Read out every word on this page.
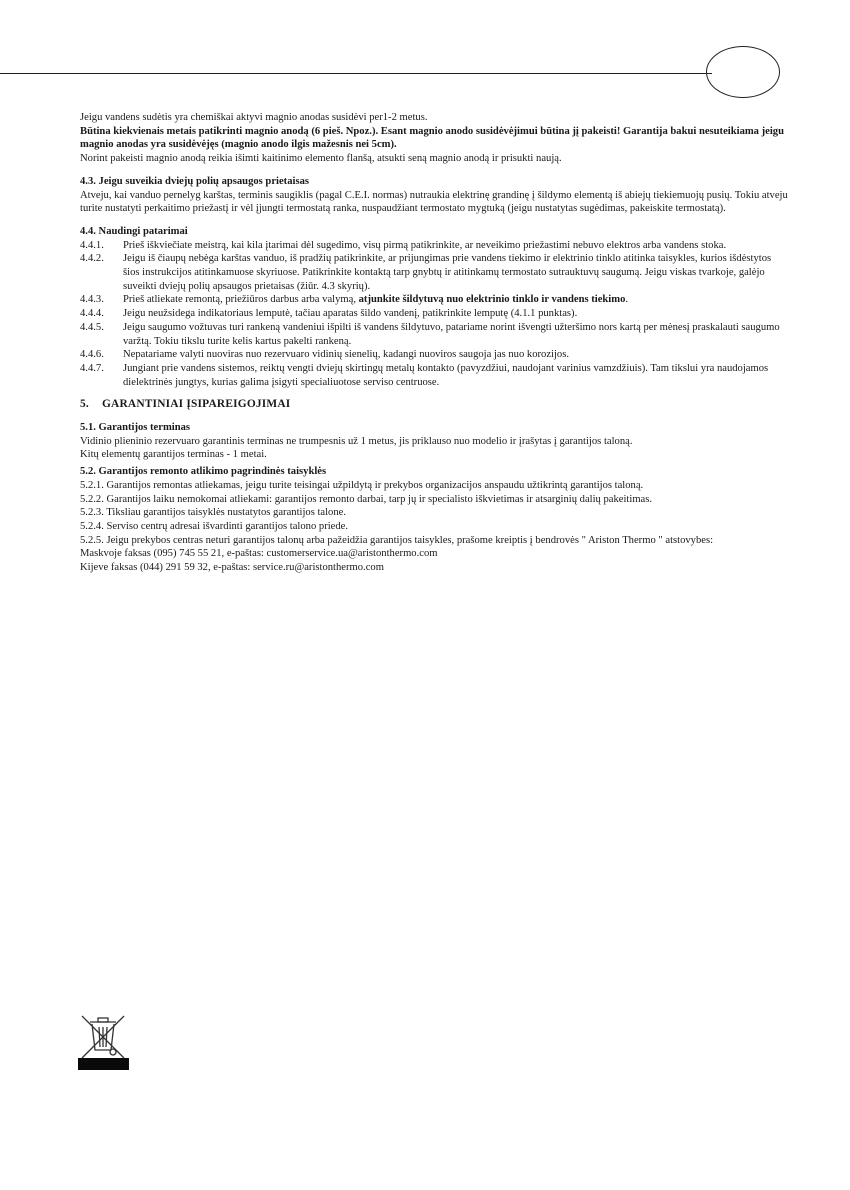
Jeigu vandens sudėtis yra chemiškai aktyvi magnio anodas susidėvi per1-2 metus.

Būtina kiekvienais metais patikrinti magnio anodą (6 pieš. Npoz.). Esant magnio anodo susidėvėjimui būtina jį pakeisti! Garantija bakui nesuteikiama jeigu magnio anodas yra susidėvėjęs (magnio anodo ilgis mažesnis nei 5cm).

Norint pakeisti magnio anodą reikia išimti kaitinimo elemento flanšą, atsukti seną magnio anodą ir prisukti naują.

4.3. Jeigu suveikia dviejų polių apsaugos prietaisas

Atveju, kai vanduo pernelyg karštas, terminis saugiklis (pagal C.E.I. normas) nutraukia elektrinę grandinę į šildymo elementą iš abiejų tiekiemuojų pusių. Tokiu atveju turite nustatyti perkaitimo priežastį ir vėl įjungti termostatą ranka, nuspaudžiant termostato mygtuką (jeigu nustatytas sugėdimas, pakeiskite termostatą).

4.4. Naudingi patarimai

4.4.1.	Prieš iškviečiate meistrą, kai kila įtarimai dėl sugedimo, visų pirmą patikrinkite, ar neveikimo priežastimi nebuvo elektros arba vandens stoka.
4.4.2.	Jeigu iš čiaupų nebėga karštas vanduo, iš pradžių patikrinkite, ar prijungimas prie vandens tiekimo ir elektrinio tinklo atitinka taisykles, kurios išdėstytos šios instrukcijos atitinkamuose skyriuose. Patikrinkite kontaktą tarp gnybtų ir atitinkamų termostato sutrauktuvų saugumą. Jeigu viskas tvarkoje, galėjo suveikti dviejų polių apsaugos prietaisas (žiūr. 4.3 skyrių).
4.4.3.	Prieš atliekate remontą, priežiūros darbus arba valymą, atjunkite šildytuvą nuo elektrinio tinklo ir vandens tiekimo.
4.4.4.	Jeigu neužsidega indikatoriaus lemputė, tačiau aparatas šildo vandenį, patikrinkite lemputę (4.1.1 punktas).
4.4.5.	Jeigu saugumo vožtuvas turi rankeną vandeniui išpilti iš vandens šildytuvo, patariame norint išvengti užteršimo nors kartą per mėnesį praskalauti saugumo varžtą. Tokiu tikslu turite kelis kartus pakelti rankeną.
4.4.6.	Nepatariame valyti nuoviras nuo rezervuaro vidinių sienelių, kadangi nuoviros saugoja jas nuo korozijos.
4.4.7.	Jungiant prie vandens sistemos, reiktų vengti dviejų skirtingų metalų kontakto (pavyzdžiui, naudojant varinius vamzdžiuis). Tam tikslui yra naudojamos dielektrinės jungtys, kurias galima įsigyti specialiuotose serviso centruose.

5. GARANTINIAI ĮSIPAREIGOJIMAI

5.1. Garantijos terminas

Vidinio plieninio rezervuaro garantinis terminas ne trumpesnis už 1 metus, jis priklauso nuo modelio ir įrašytas į garantijos taloną.

Kitų elementų garantijos terminas - 1 metai.

5.2. Garantijos remonto atlikimo pagrindinės taisyklės

5.2.1. Garantijos remontas atliekamas, jeigu turite teisingai užpildytą ir prekybos organizacijos anspaudu užtikrintą garantijos taloną.

5.2.2. Garantijos laiku nemokomai atliekami: garantijos remonto darbai, tarp jų ir specialisto iškvietimas ir atsarginių dalių pakeitimas.

5.2.3. Tiksliau garantijos taisyklės nustatytos garantijos talone.

5.2.4. Serviso centrų adresai išvardinti garantijos talono priede.

5.2.5. Jeigu prekybos centras neturi garantijos talonų arba pažeidžia garantijos taisykles, prašome kreiptis į bendrovės " Ariston Thermo " atstovybes:

Maskvoje faksas (095) 745 55 21, e-paštas: customerservice.ua@aristonthermo.com

Kijeve faksas (044) 291 59 32, e-paštas: service.ru@aristonthermo.com
